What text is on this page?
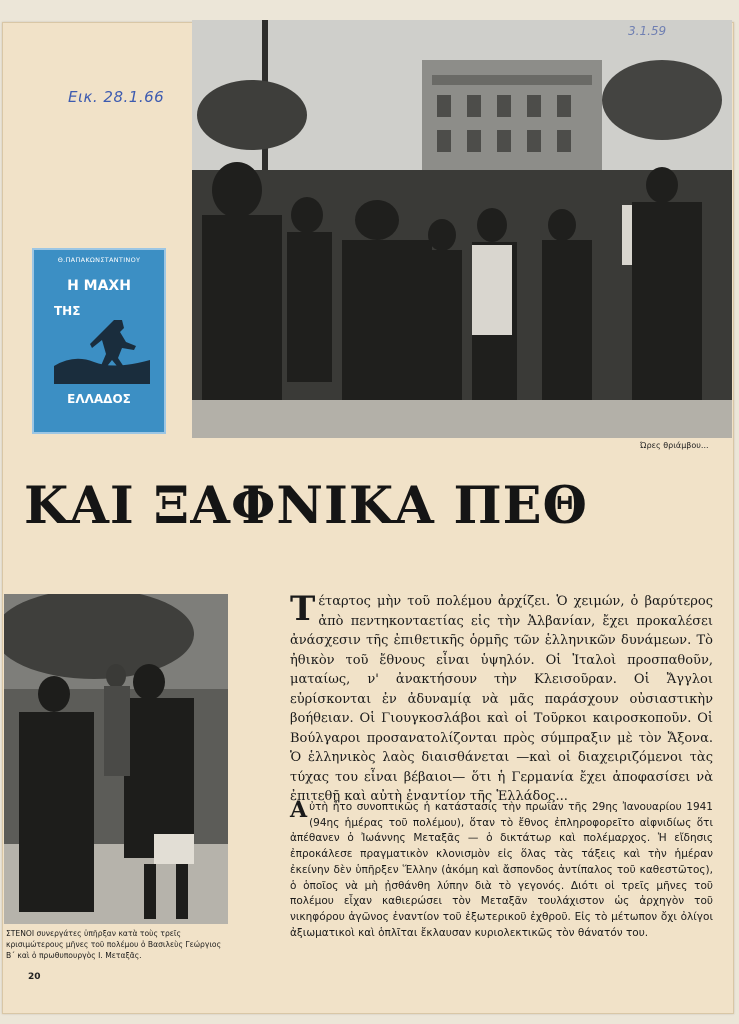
Εικ. 28.1.66
Ώρες θριάμβου...
3.1.59
Θ.ΠΑΠΑΚΩΝΣΤΑΝΤΙΝΟΥ
Η ΜΑΧΗ
ΤΗΣ
ΕΛΛΑΔΟΣ
ΚΑΙ ΞΑΦΝΙΚΑ ΠΕΘ
ΣΤΕΝΟΙ συνεργάτες ὑπῆρξαν κατὰ τοὺς τρεῖς κρισιμώτερους μῆνες τοῦ πολέμου ὁ Βασιλεὺς Γεώργιος Β΄ καὶ ὁ πρωθυπουργὸς Ι. Μεταξᾶς.
Τέταρτος μὴν τοῦ πολέμου ἀρχίζει. Ὁ χειμών, ὁ βαρύτερος ἀπὸ πεντηκονταετίας εἰς τὴν Ἀλβανίαν, ἔχει προκαλέσει ἀνάσχεσιν τῆς ἐπιθετικῆς ὁρμῆς τῶν ἑλληνικῶν δυνάμεων. Τὸ ἠθικὸν τοῦ ἔθνους εἶναι ὑψηλόν. Οἱ Ἰταλοὶ προσπαθοῦν, ματαίως, ν' ἀνακτήσουν τὴν Κλεισοῦραν. Οἱ Ἄγγλοι εὑρίσκονται ἐν ἀδυναμίᾳ νὰ μᾶς παράσχουν οὐσιαστικὴν βοήθειαν. Οἱ Γιουγκοσλάβοι καὶ οἱ Τοῦρκοι καιροσκοποῦν. Οἱ Βούλγαροι προσανατολίζονται πρὸς σύμπραξιν μὲ τὸν Ἄξονα. Ὁ ἑλληνικὸς λαὸς διαισθάνεται —καὶ οἱ διαχειριζόμενοι τὰς τύχας του εἶναι βέβαιοι— ὅτι ἡ Γερμανία ἔχει ἀποφασίσει νὰ ἐπιτεθῇ καὶ αὐτὴ ἐναντίον τῆς Ἑλλάδος...
Αὐτὴ ἦτο συνοπτικῶς ἡ κατάστασις τὴν πρωΐαν τῆς 29ης Ἰανουαρίου 1941 (94ης ἡμέρας τοῦ πολέμου), ὅταν τὸ ἔθνος ἐπληροφορεῖτο αἰφνιδίως ὅτι ἀπέθανεν ὁ Ἰωάννης Μεταξᾶς — ὁ δικτάτωρ καὶ πολέμαρχος. Ἡ εἴδησις ἐπροκάλεσε πραγματικὸν κλονισμὸν εἰς ὅλας τὰς τάξεις καὶ τὴν ἡμέραν ἐκείνην δὲν ὑπῆρξεν Ἕλλην (ἀκόμη καὶ ἄσπονδος ἀντίπαλος τοῦ καθεστῶτος), ὁ ὁποῖος νὰ μὴ ᾐσθάνθη λύπην διὰ τὸ γεγονός. Διότι οἱ τρεῖς μῆνες τοῦ πολέμου εἶχαν καθιερώσει τὸν Μεταξᾶν τουλάχιστον ὡς ἀρχηγὸν τοῦ νικηφόρου ἀγῶνος ἐναντίον τοῦ ἐξωτερικοῦ ἐχθροῦ. Εἰς τὸ μέτωπον ὄχι ὀλίγοι ἀξιωματικοὶ καὶ ὁπλῖται ἔκλαυσαν κυριολεκτικῶς τὸν θάνατόν του.
20
